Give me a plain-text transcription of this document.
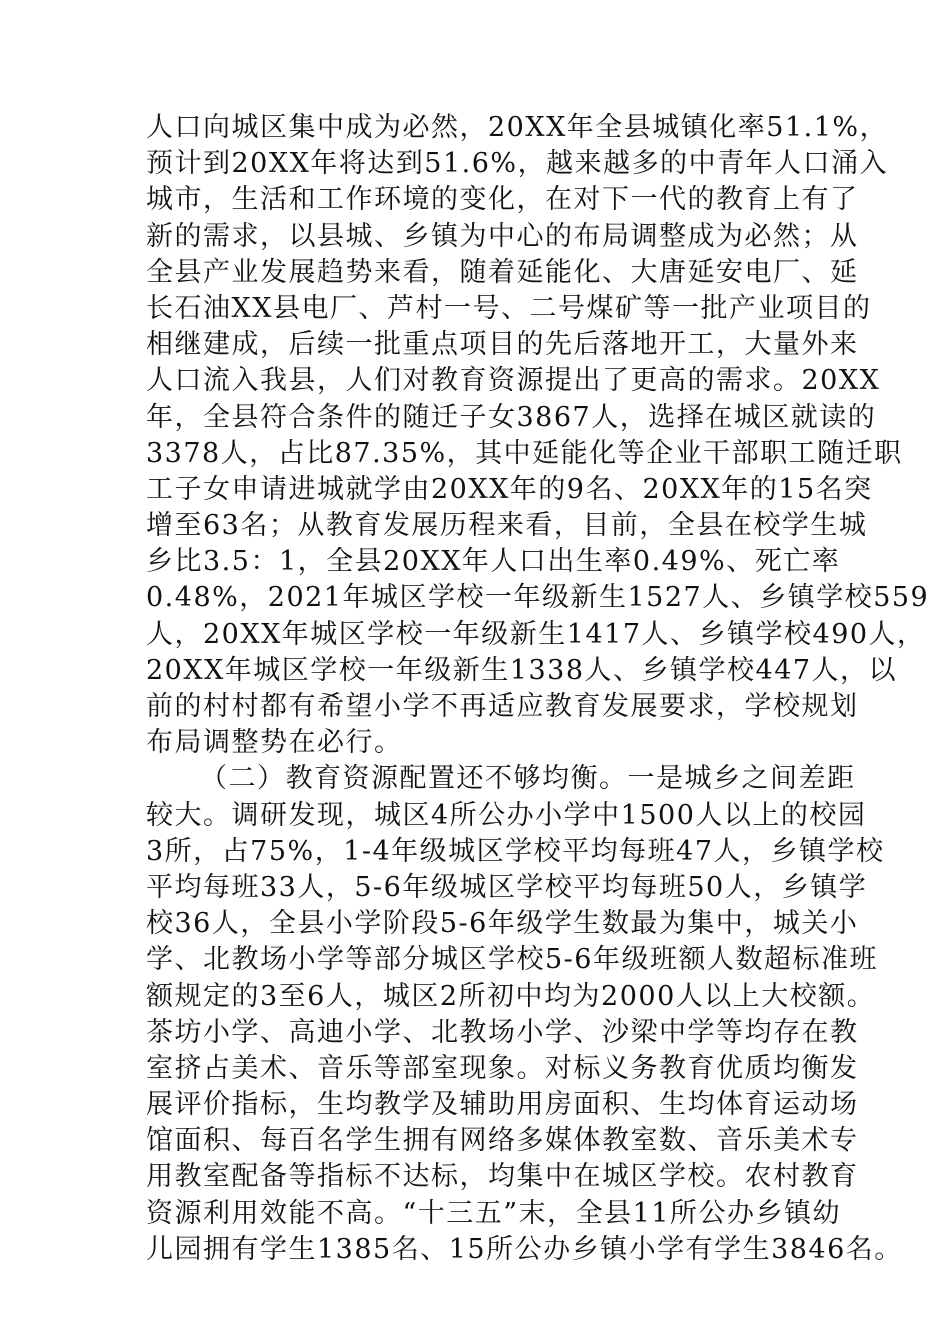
人口向城区集中成为必然，20XX年全县城镇化率51.1%，
预计到20XX年将达到51.6%，越来越多的中青年人口涌入
城市，生活和工作环境的变化，在对下一代的教育上有了
新的需求，以县城、乡镇为中心的布局调整成为必然；从
全县产业发展趋势来看，随着延能化、大唐延安电厂、延
长石油XX县电厂、芦村一号、二号煤矿等一批产业项目的
相继建成，后续一批重点项目的先后落地开工，大量外来
人口流入我县，人们对教育资源提出了更高的需求。20XX
年，全县符合条件的随迁子女3867人，选择在城区就读的
3378人，占比87.35%，其中延能化等企业干部职工随迁职
工子女申请进城就学由20XX年的9名、20XX年的15名突
增至63名；从教育发展历程来看，目前，全县在校学生城
乡比3.5：1，全县20XX年人口出生率0.49%、死亡率
0.48%，2021年城区学校一年级新生1527人、乡镇学校559
人，20XX年城区学校一年级新生1417人、乡镇学校490人，
20XX年城区学校一年级新生1338人、乡镇学校447人，以
前的村村都有希望小学不再适应教育发展要求，学校规划
布局调整势在必行。
（二）教育资源配置还不够均衡。一是城乡之间差距
较大。调研发现，城区4所公办小学中1500人以上的校园
3所，占75%，1-4年级城区学校平均每班47人，乡镇学校
平均每班33人，5-6年级城区学校平均每班50人，乡镇学
校36人，全县小学阶段5-6年级学生数最为集中，城关小
学、北教场小学等部分城区学校5-6年级班额人数超标准班
额规定的3至6人，城区2所初中均为2000人以上大校额。
茶坊小学、高迪小学、北教场小学、沙梁中学等均存在教
室挤占美术、音乐等部室现象。对标义务教育优质均衡发
展评价指标，生均教学及辅助用房面积、生均体育运动场
馆面积、每百名学生拥有网络多媒体教室数、音乐美术专
用教室配备等指标不达标，均集中在城区学校。农村教育
资源利用效能不高。“十三五”末，全县11所公办乡镇幼
儿园拥有学生1385名、15所公办乡镇小学有学生3846名。
